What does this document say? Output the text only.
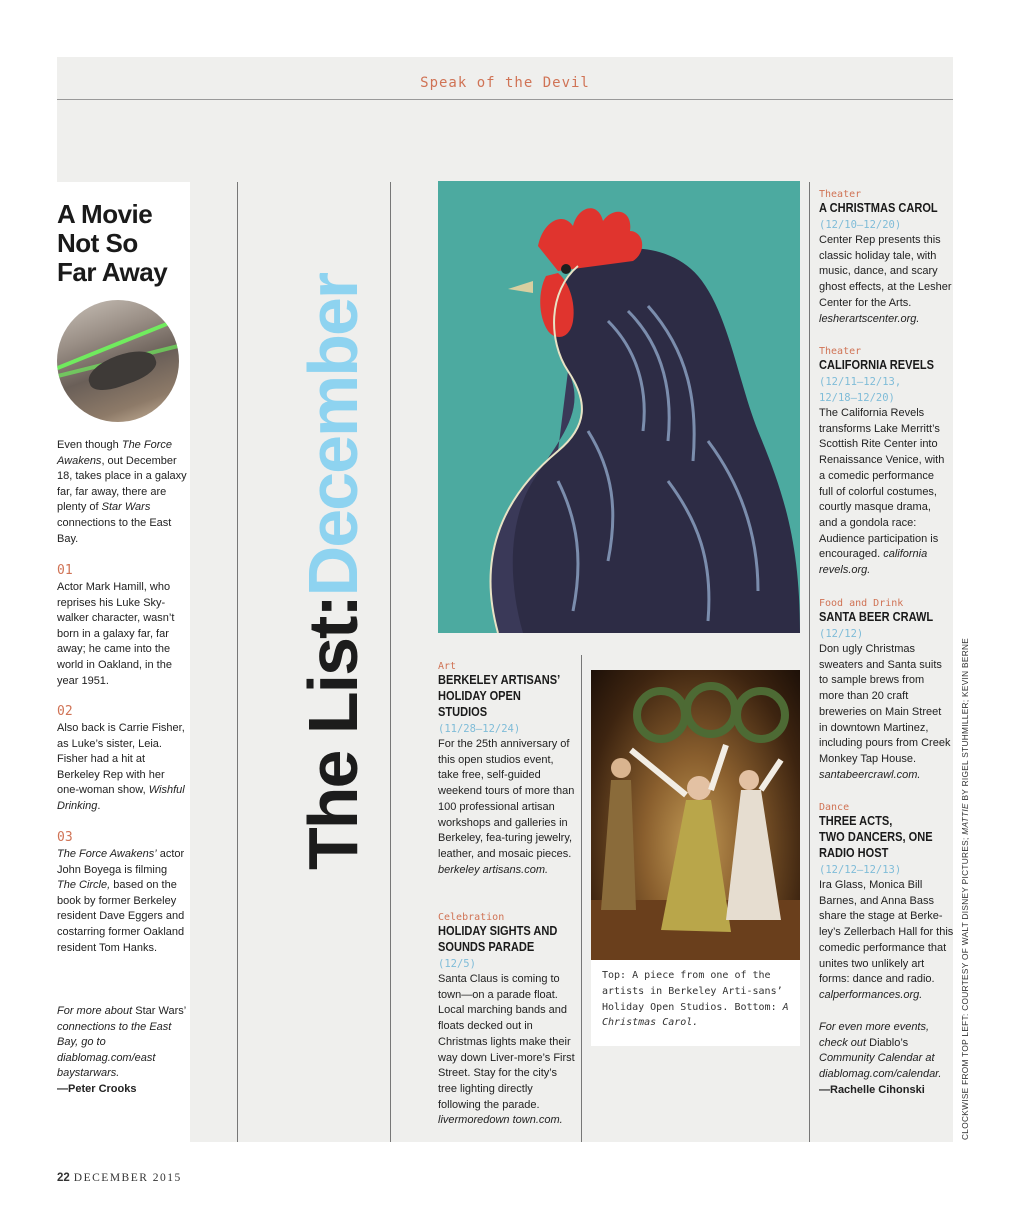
Speak of the Devil
A Movie
Not So
Far Away
Even though The Force Awakens, out December 18, takes place in a galaxy far, far away, there are plenty of Star Wars connections to the East Bay.
01
Actor Mark Hamill, who reprises his Luke Sky-walker character, wasn’t born in a galaxy far, far away; he came into the world in Oakland, in the year 1951.
02
Also back is Carrie Fisher, as Luke’s sister, Leia. Fisher had a hit at Berkeley Rep with her one-woman show, Wishful Drinking.
03
The Force Awakens’ actor John Boyega is filming The Circle, based on the book by former Berkeley resident Dave Eggers and costarring former Oakland resident Tom Hanks.
For more about Star Wars’ connections to the East Bay, go to diablomag.com/east baystarwars.
—Peter Crooks
The List:December
Top: A piece from one of the artists in Berkeley Arti-sans’ Holiday Open Studios. Bottom: A Christmas Carol.
Art
BERKELEY ARTISANS’
HOLIDAY OPEN
STUDIOS
(11/28–12/24)
For the 25th anniversary of this open studios event, take free, self-guided weekend tours of more than 100 professional artisan workshops and galleries in Berkeley, fea-turing jewelry, leather, and mosaic pieces. berkeley artisans.com.
Celebration
HOLIDAY SIGHTS AND
SOUNDS PARADE
(12/5)
Santa Claus is coming to town—on a parade float. Local marching bands and floats decked out in Christmas lights make their way down Liver-more’s First Street. Stay for the city’s tree lighting directly following the parade. livermoredown town.com.
Theater
A CHRISTMAS CAROL
(12/10–12/20)
Center Rep presents this classic holiday tale, with music, dance, and scary ghost effects, at the Lesher Center for the Arts. lesherartscenter.org.
Theater
CALIFORNIA REVELS
(12/11–12/13,
12/18–12/20)
The California Revels transforms Lake Merritt’s Scottish Rite Center into Renaissance Venice, with a comedic performance full of colorful costumes, courtly masque drama, and a gondola race: Audience participation is encouraged. california revels.org.
Food and Drink
SANTA BEER CRAWL
(12/12)
Don ugly Christmas sweaters and Santa suits to sample brews from more than 20 craft breweries on Main Street in downtown Martinez, including pours from Creek Monkey Tap House. santabeercrawl.com.
Dance
THREE ACTS,
TWO DANCERS, ONE
RADIO HOST
(12/12–12/13)
Ira Glass, Monica Bill Barnes, and Anna Bass share the stage at Berke-ley’s Zellerbach Hall for this comedic performance that unites two unlikely art forms: dance and radio. calperformances.org.
For even more events, check out Diablo’s Community Calendar at diablomag.com/calendar.
—Rachelle Cihonski	CLOCKWISE FROM TOP LEFT: COURTESY OF WALT DISNEY PICTURES; MATTIE BY RIGEL STUHMILLER; KEVIN BERNE
22 DECEMBER 2015
